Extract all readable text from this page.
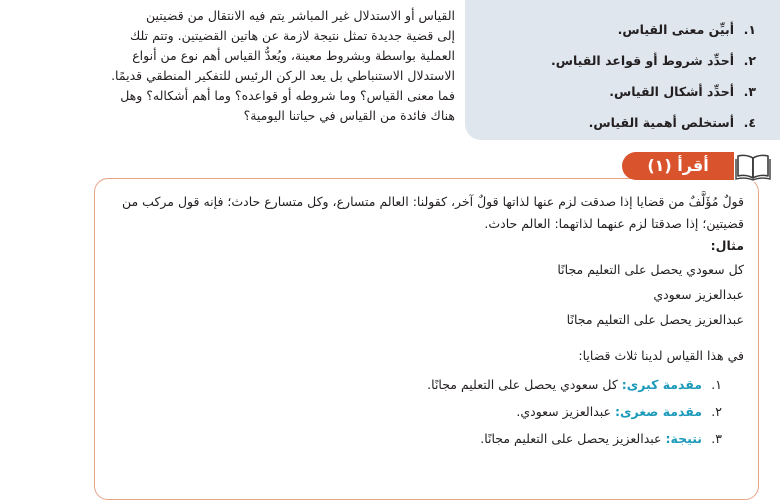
القياس أو الاستدلال غير المباشر يتم فيه الانتقال من قضيتين
إلى قضية جديدة تمثل نتيجة لازمة عن هاتين القضيتين. وتتم تلك
العملية بواسطة وبشروط معينة، ويُعدُّ القياس أهم نوع من أنواع
الاستدلال الاستنباطي بل يعد الركن الرئيس للتفكير المنطقي قديمًا.
فما معنى القياس؟ وما شروطه أو قواعده؟ وما أهم أشكاله؟ وهل
هناك فائدة من القياس في حياتنا اليومية؟
١.أبيِّن معنى القياس.
٢.أحدِّد شروط أو قواعد القياس.
٣.أحدِّد أشكال القياس.
٤.أستخلص أهمية القياس.

قولٌ مُؤَلَّفٌ من قضايا إذا صدقت لزم عنها لذاتها قولٌ آخر، كقولنا: العالم متسارع، وكل متسارع حادث؛ فإنه قول مركب من قضيتين؛ إذا صدقتا لزم عنهما لذاتهما: العالم حادث.

مثال:

كل سعودي يحصل على التعليم مجانًا

عبدالعزيز سعودي

عبدالعزيز يحصل على التعليم مجانًا

في هذا القياس لدينا ثلاث قضايا:

١.مقدمة كبرى: كل سعودي يحصل على التعليم مجانًا.
٢.مقدمة صغرى: عبدالعزيز سعودي.
٣.نتيجة: عبدالعزيز يحصل على التعليم مجانًا.
أقرأ (١)
